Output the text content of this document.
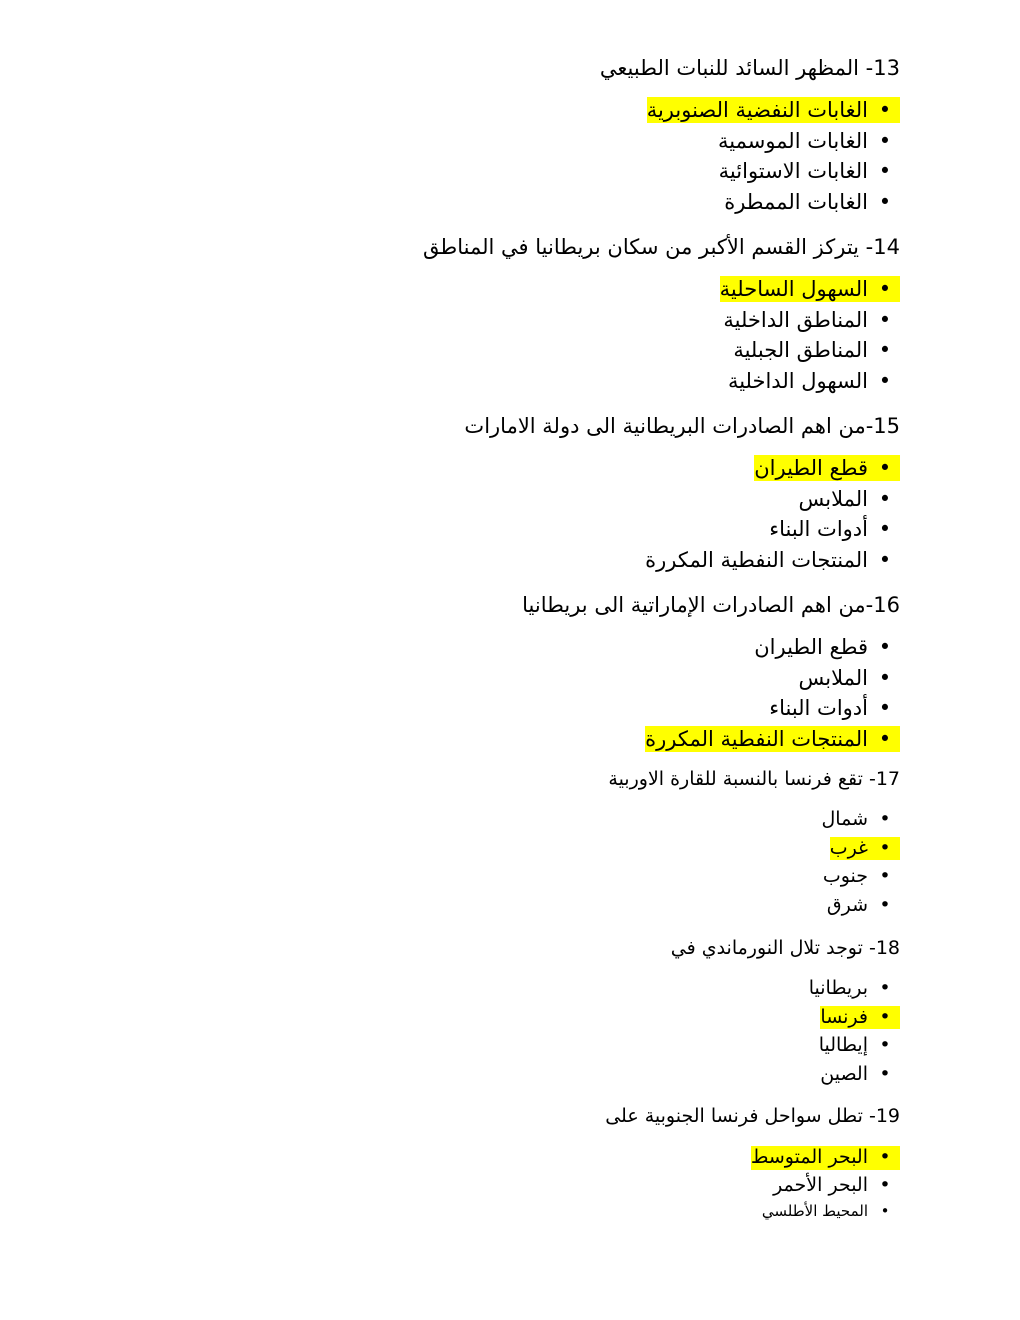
13- المظهر السائد للنبات الطبيعي
•
الغابات النفضية الصنوبرية
•
الغابات الموسمية
•
الغابات الاستوائية
•
الغابات الممطرة
14- يتركز القسم الأكبر من سكان بريطانيا في المناطق
•
السهول الساحلية
•
المناطق الداخلية
•
المناطق الجبلية
•
السهول الداخلية
15-من اهم الصادرات البريطانية الى دولة الامارات
•
قطع الطيران
•
الملابس
•
أدوات البناء
•
المنتجات النفطية المكررة
16-من اهم الصادرات الإماراتية الى بريطانيا
•
قطع الطيران
•
الملابس
•
أدوات البناء
•
المنتجات النفطية المكررة
17- تقع فرنسا بالنسبة للقارة الاوربية
•
شمال
•
غرب
•
جنوب
•
شرق
18- توجد تلال النورماندي في
•
بريطانيا
•
فرنسا
•
إيطاليا
•
الصين
19- تطل سواحل فرنسا الجنوبية على
•
البحر المتوسط
•
البحر الأحمر
•
المحيط الأطلسي
